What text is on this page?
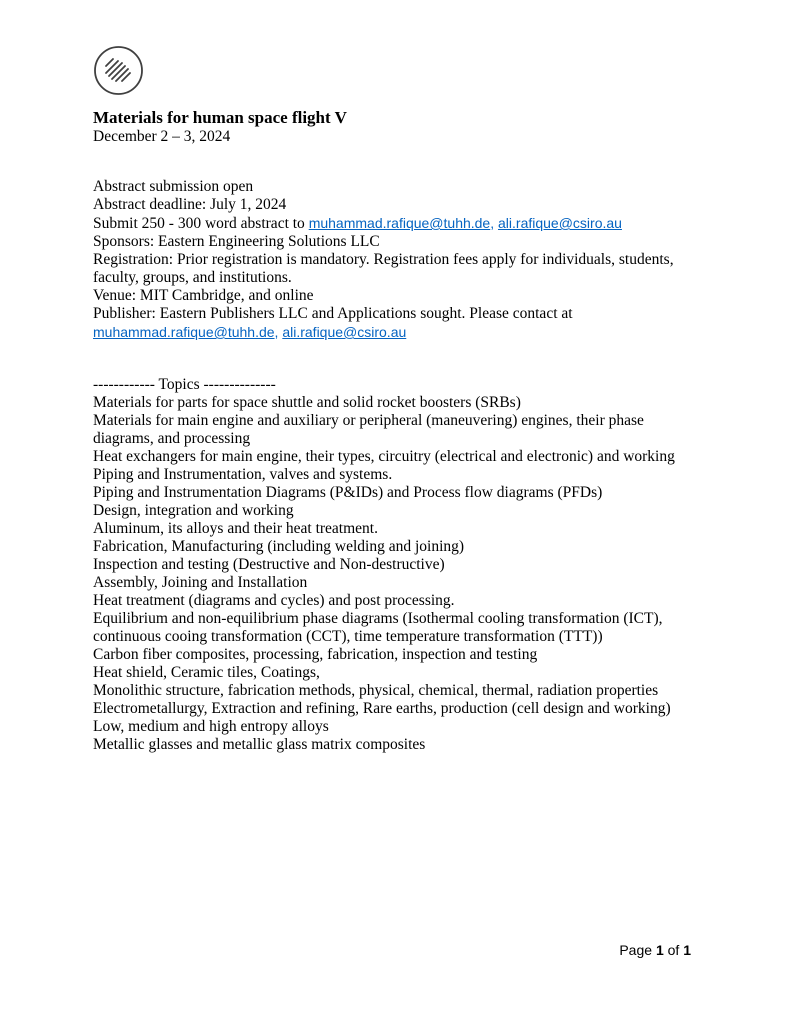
Materials for human space flight V
December 2 – 3, 2024
Abstract submission open
Abstract deadline: July 1, 2024
Submit 250 - 300 word abstract to muhammad.rafique@tuhh.de, ali.rafique@csiro.au
Sponsors: Eastern Engineering Solutions LLC
Registration: Prior registration is mandatory. Registration fees apply for individuals, students,
faculty, groups, and institutions.
Venue: MIT Cambridge, and online
Publisher: Eastern Publishers LLC and Applications sought. Please contact at
muhammad.rafique@tuhh.de, ali.rafique@csiro.au
------------ Topics --------------
Materials for parts for space shuttle and solid rocket boosters (SRBs)
Materials for main engine and auxiliary or peripheral (maneuvering) engines, their phase
diagrams, and processing
Heat exchangers for main engine, their types, circuitry (electrical and electronic) and working
Piping and Instrumentation, valves and systems.
Piping and Instrumentation Diagrams (P&IDs) and Process flow diagrams (PFDs)
Design, integration and working
Aluminum, its alloys and their heat treatment.
Fabrication, Manufacturing (including welding and joining)
Inspection and testing (Destructive and Non-destructive)
Assembly, Joining and Installation
Heat treatment (diagrams and cycles) and post processing.
Equilibrium and non-equilibrium phase diagrams (Isothermal cooling transformation (ICT),
continuous cooing transformation (CCT), time temperature transformation (TTT))
Carbon fiber composites, processing, fabrication, inspection and testing
Heat shield, Ceramic tiles, Coatings,
Monolithic structure, fabrication methods, physical, chemical, thermal, radiation properties
Electrometallurgy, Extraction and refining, Rare earths, production (cell design and working)
Low, medium and high entropy alloys
Metallic glasses and metallic glass matrix composites
Page 1 of 1
